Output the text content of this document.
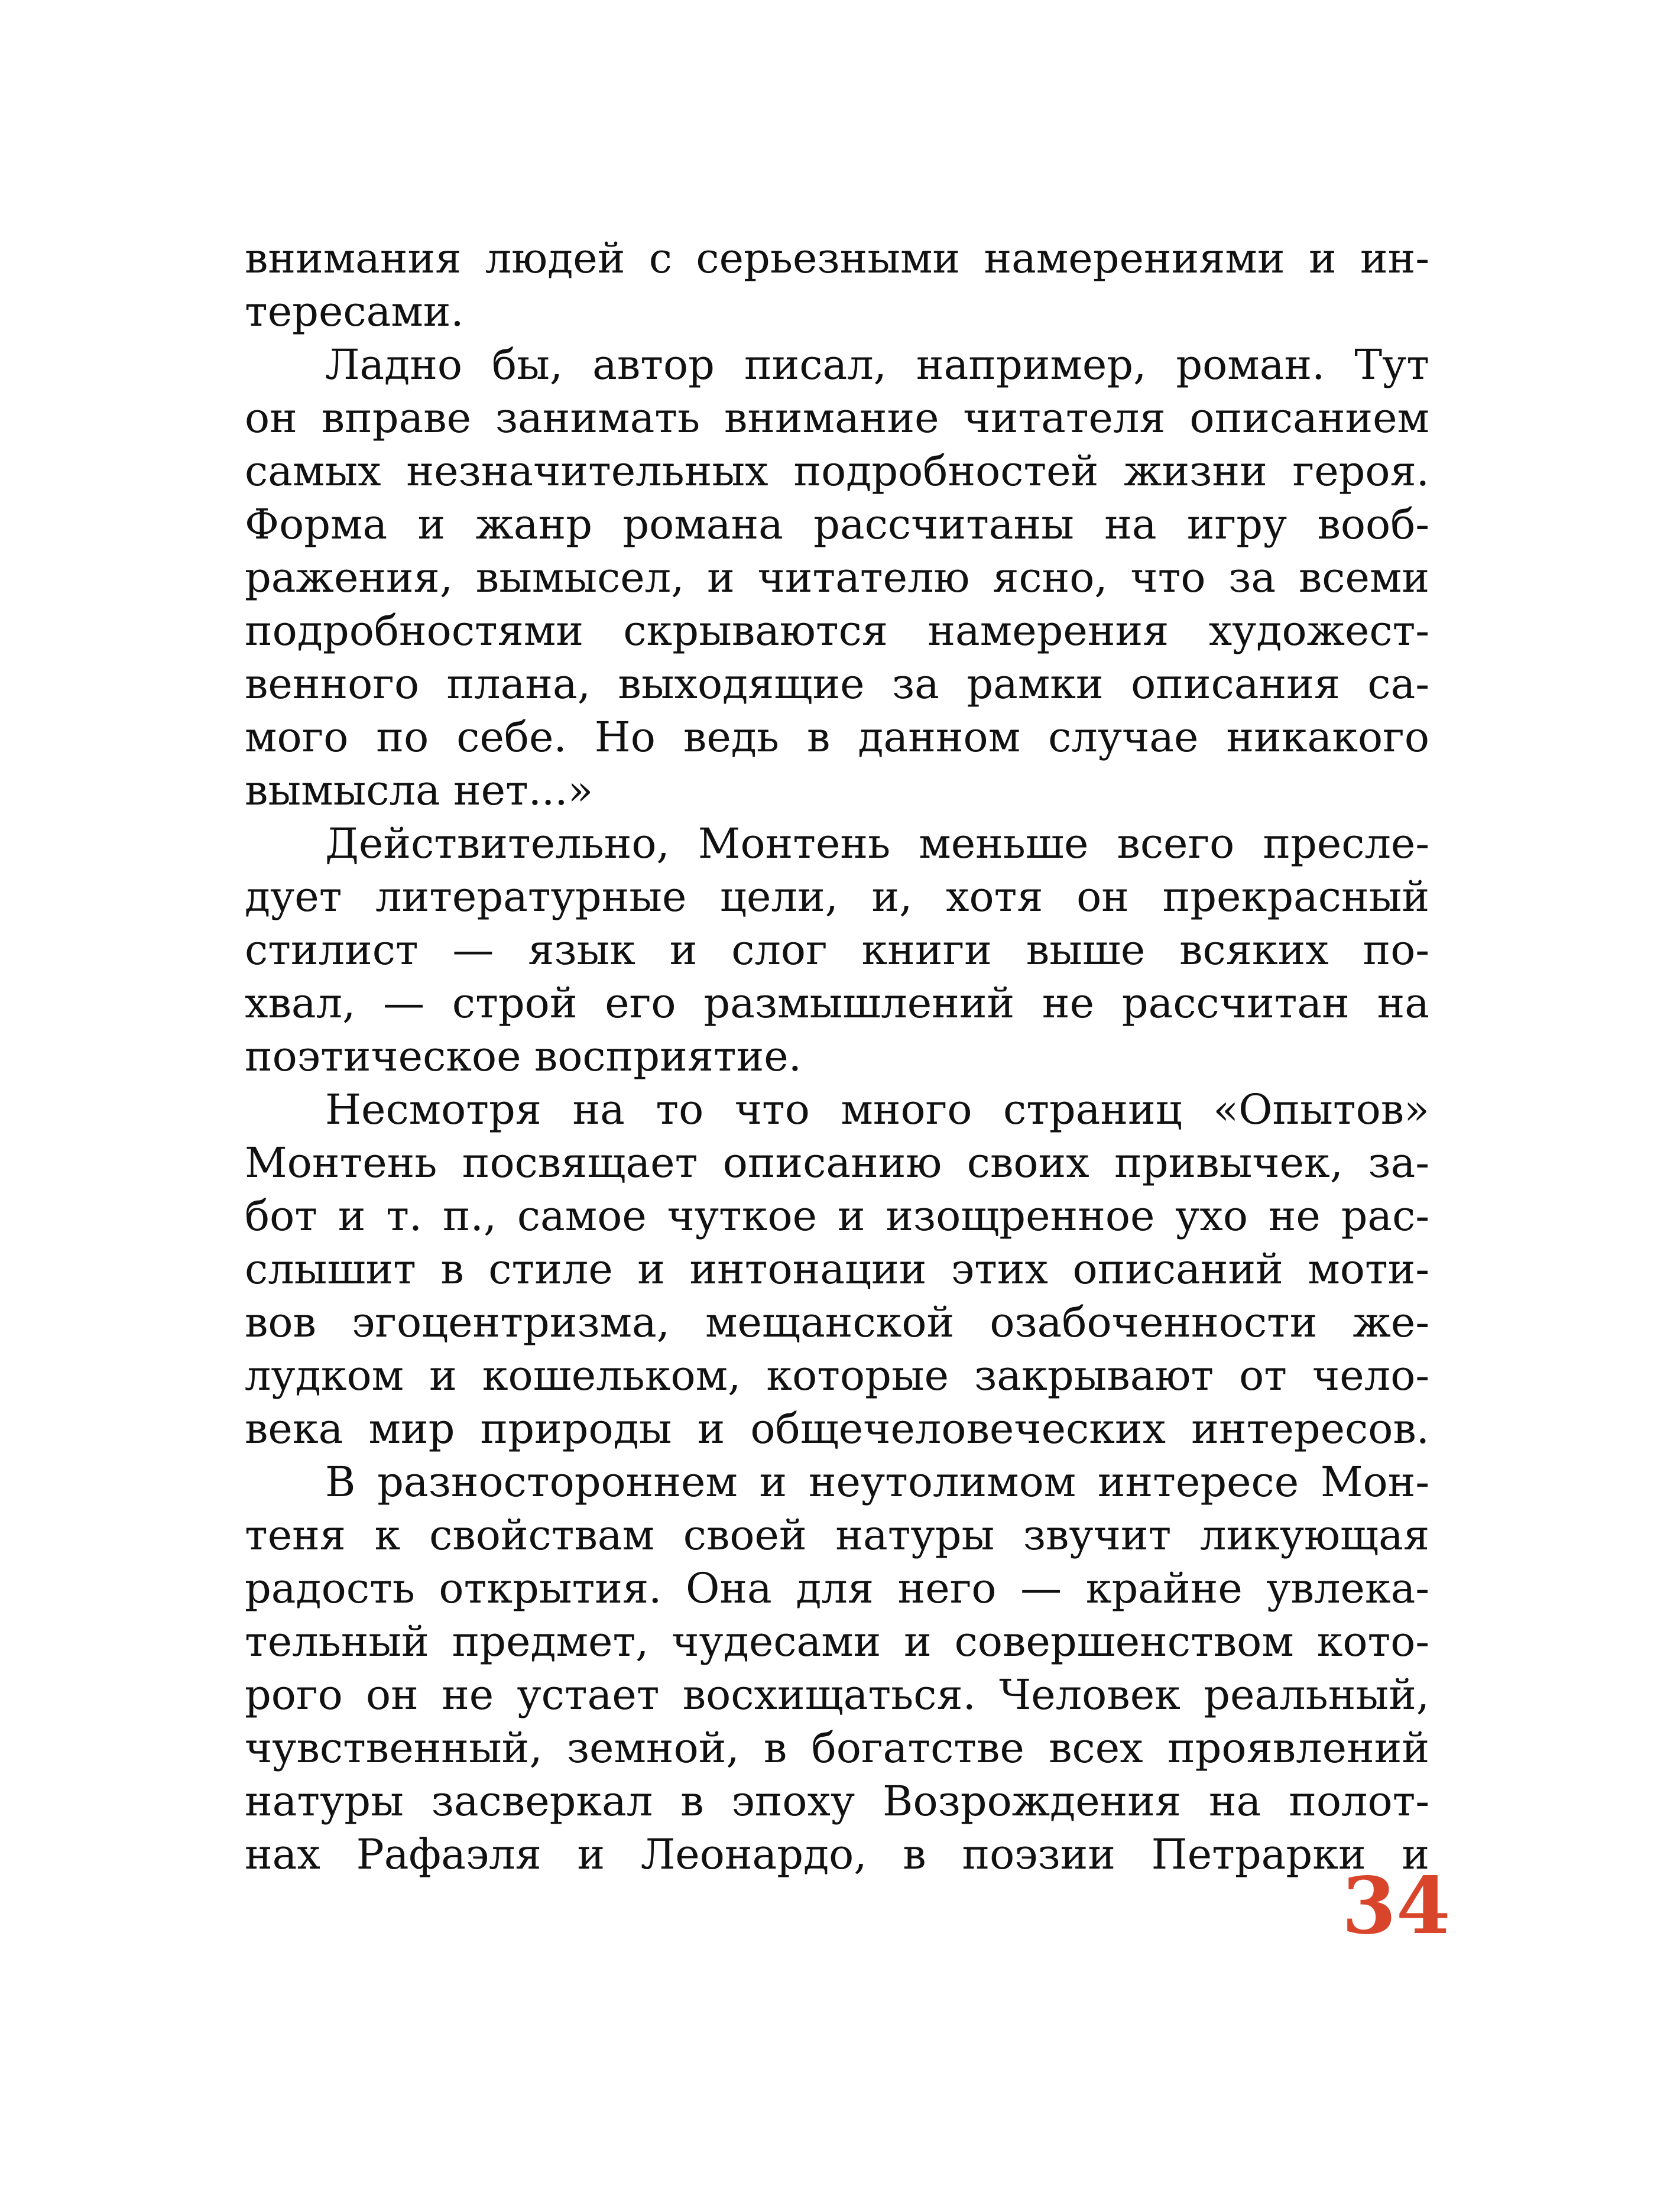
внимания людей с серьезными намерениями и ин-
тересами.
Ладно бы, автор писал, например, роман. Тут
он вправе занимать внимание читателя описанием
самых незначительных подробностей жизни героя.
Форма и жанр романа рассчитаны на игру вооб-
ражения, вымысел, и читателю ясно, что за всеми
подробностями скрываются намерения художест-
венного плана, выходящие за рамки описания са-
мого по себе. Но ведь в данном случае никакого
вымысла нет...»
Действительно, Монтень меньше всего пресле-
дует литературные цели, и, хотя он прекрасный
стилист — язык и слог книги выше всяких по-
хвал, — строй его размышлений не рассчитан на
поэтическое восприятие.
Несмотря на то что много страниц «Опытов»
Монтень посвящает описанию своих привычек, за-
бот и т. п., самое чуткое и изощренное ухо не рас-
слышит в стиле и интонации этих описаний моти-
вов эгоцентризма, мещанской озабоченности же-
лудком и кошельком, которые закрывают от чело-
века мир природы и общечеловеческих интересов.
В разностороннем и неутолимом интересе Мон-
теня к свойствам своей натуры звучит ликующая
радость открытия. Она для него — крайне увлека-
тельный предмет, чудесами и совершенством кото-
рого он не устает восхищаться. Человек реальный,
чувственный, земной, в богатстве всех проявлений
натуры засверкал в эпоху Возрождения на полот-
нах Рафаэля и Леонардо, в поэзии Петрарки и
34
